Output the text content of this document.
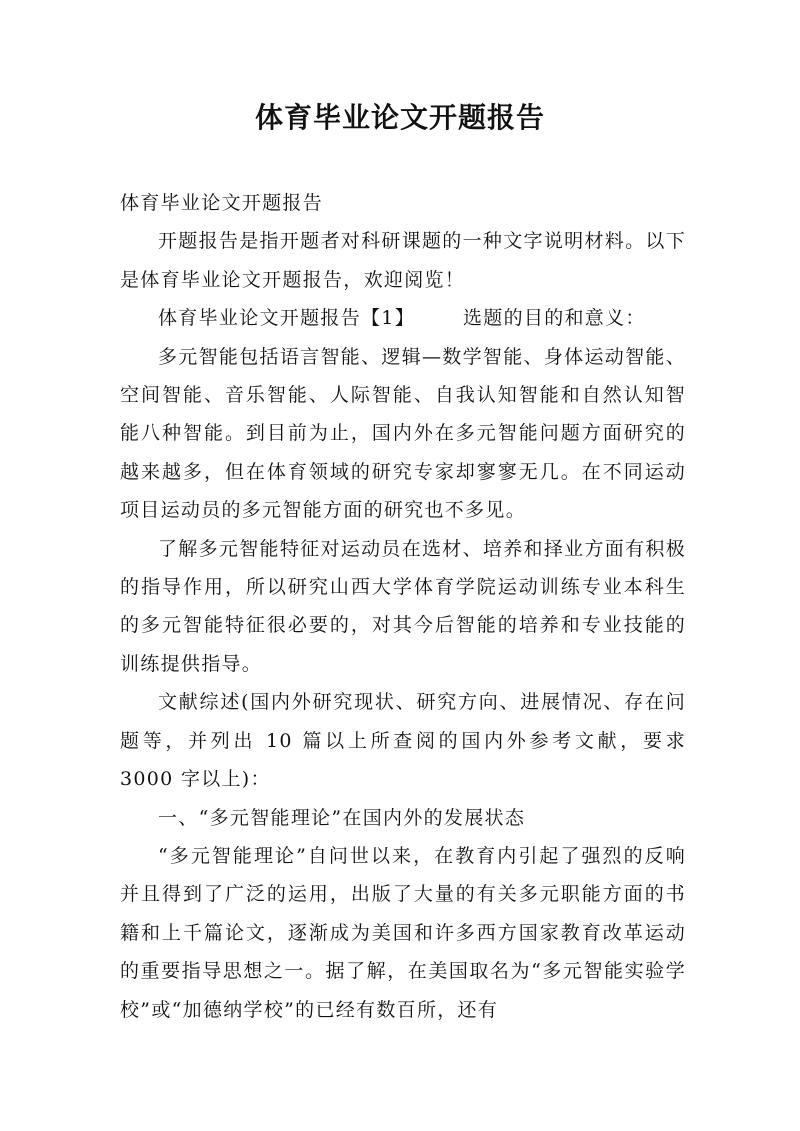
体育毕业论文开题报告

体育毕业论文开题报告

开题报告是指开题者对科研课题的一种文字说明材料。以下是体育毕业论文开题报告，欢迎阅览！

体育毕业论文开题报告【1】	选题的目的和意义：

多元智能包括语言智能、逻辑—数学智能、身体运动智能、空间智能、音乐智能、人际智能、自我认知智能和自然认知智能八种智能。到目前为止，国内外在多元智能问题方面研究的越来越多，但在体育领域的研究专家却寥寥无几。在不同运动项目运动员的多元智能方面的研究也不多见。

了解多元智能特征对运动员在选材、培养和择业方面有积极的指导作用，所以研究山西大学体育学院运动训练专业本科生的多元智能特征很必要的，对其今后智能的培养和专业技能的训练提供指导。

文献综述(国内外研究现状、研究方向、进展情况、存在问题等，并列出 10 篇以上所查阅的国内外参考文献，要求 3000 字以上)：

一、“多元智能理论”在国内外的发展状态

“多元智能理论”自问世以来，在教育内引起了强烈的反响并且得到了广泛的运用，出版了大量的有关多元职能方面的书籍和上千篇论文，逐渐成为美国和许多西方国家教育改革运动的重要指导思想之一。据了解，在美国取名为“多元智能实验学校”或“加德纳学校”的已经有数百所，还有
